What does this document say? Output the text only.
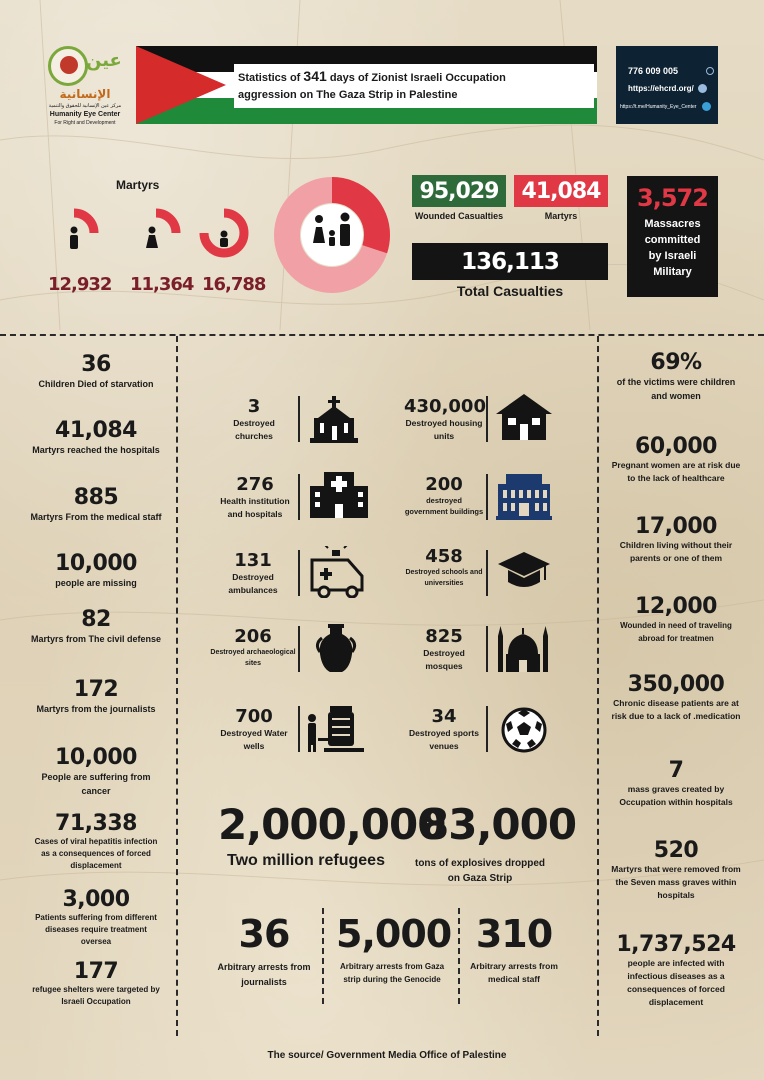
عين
الإنسانية
مركز عين الإنسانية للحقوق والتنمية
Humanity Eye Center
For Right and Development
Statistics of 341 days of Zionist Israeli Occupation
aggression on The Gaza Strip in Palestine
776 009 005
https://ehcrd.org/
https://t.me/Humanity_Eye_Center
Martyrs
12,932 11,364 16,788
95,029
Wounded Casualties
41,084
Martyrs
136,113
Total Casualties
3,572
Massacres
committed
by Israeli
Military
36
Children Died of starvation
41,084
Martyrs reached the hospitals
885
Martyrs From the medical staff
10,000
people are missing
82
Martyrs from The civil defense
172
Martyrs from the journalists
10,000
People are suffering from cancer
71,338
Cases of viral hepatitis infection as a consequences of forced displacement
3,000
Patients suffering from different diseases require treatment oversea
177
refugee shelters were targeted by Israeli Occupation
3
Destroyed churches
430,000
Destroyed housing units
276
Health institution and hospitals
200
destroyed government buildings
131
Destroyed ambulances
458
Destroyed schools and universities
206
Destroyed archaeological sites
825
Destroyed mosques
700
Destroyed Water wells
34
Destroyed sports venues
2,000,000
Two million refugees
83,000
tons of explosives dropped on Gaza Strip
36
Arbitrary arrests from journalists
5,000
Arbitrary arrests from Gaza strip during the Genocide
310
Arbitrary arrests from medical staff
69%
of the victims were children and women
60,000
Pregnant women are at risk due to the lack of healthcare
17,000
Children living without their parents or one of them
12,000
Wounded in need of traveling abroad for treatmen
350,000
Chronic disease patients are at risk due to a lack of .medication
7
mass graves created by Occupation within hospitals
520
Martyrs that were removed from the Seven mass graves within hospitals
1,737,524
people are infected with infectious diseases as a consequences of forced displacement
The source/ Government Media Office of Palestine
